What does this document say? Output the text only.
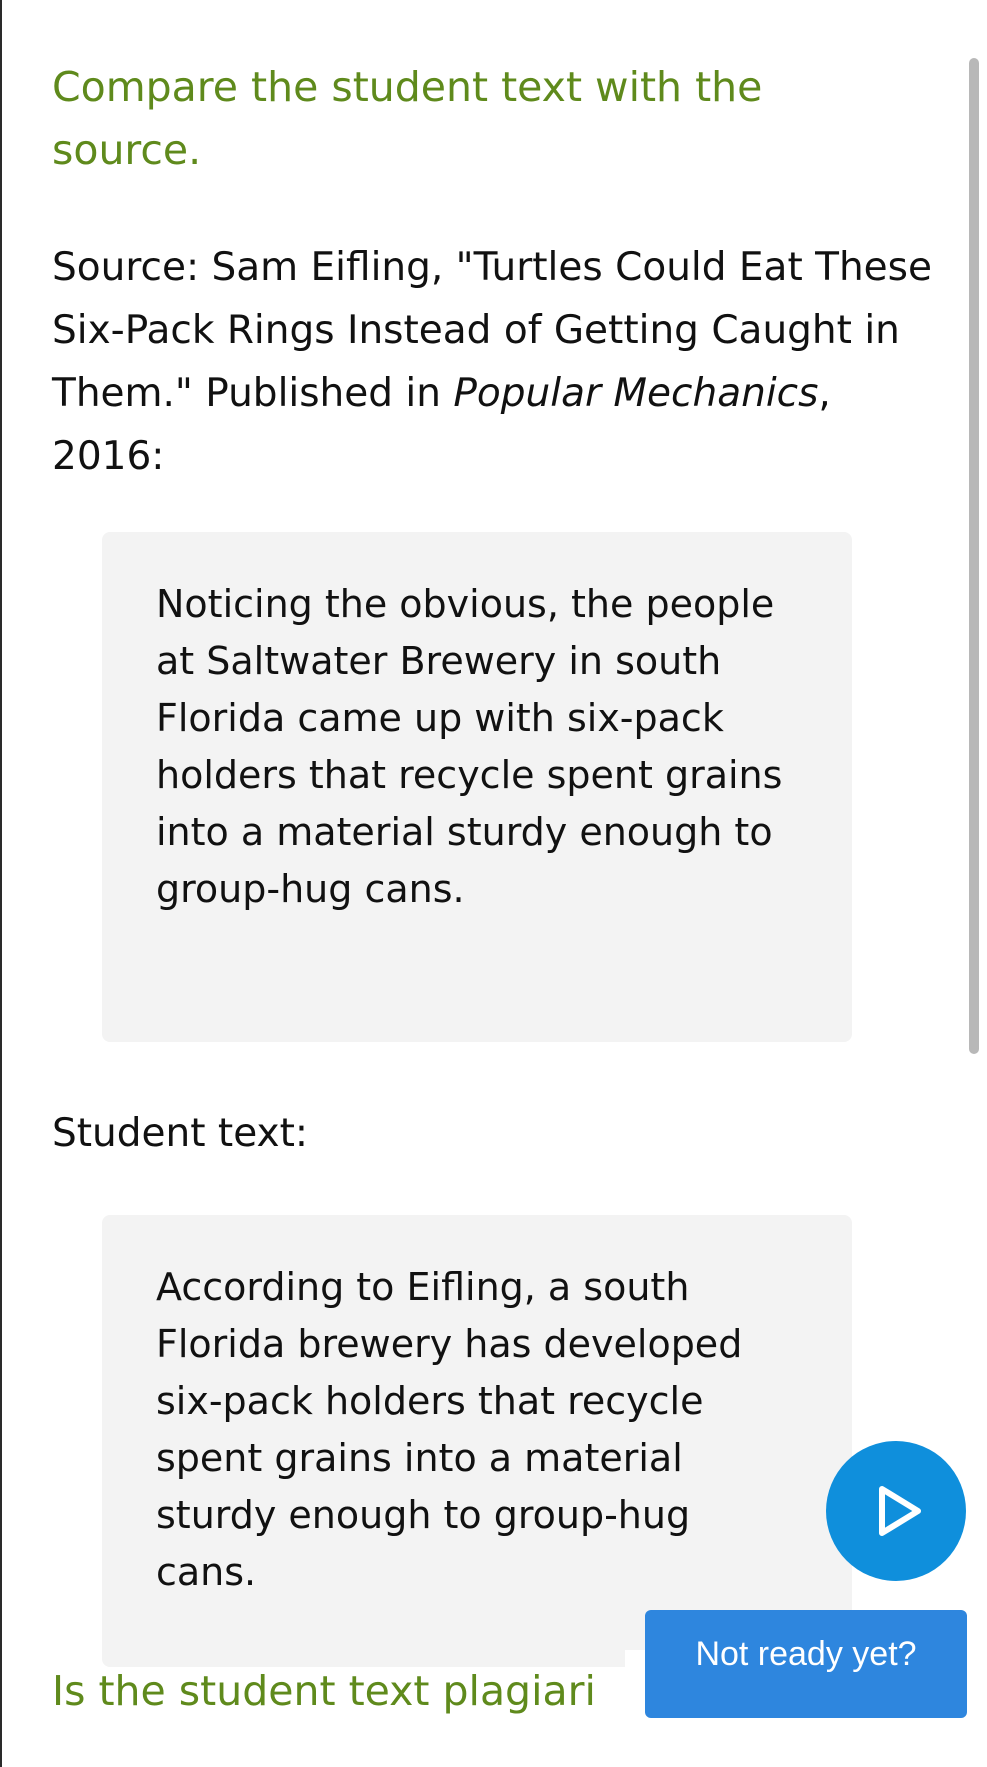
Compare the student text with the source.

Source: Sam Eifling, "Turtles Could Eat These Six-Pack Rings Instead of Getting Caught in Them." Published in Popular Mechanics, 2016:

Noticing the obvious, the people at Saltwater Brewery in south Florida came up with six-pack holders that recycle spent grains into a material sturdy enough to group-hug cans.

Student text:

According to Eifling, a south Florida brewery has developed six-pack holders that recycle spent grains into a material sturdy enough to group-hug cans.

Is the student text plagiari

Not ready yet?
